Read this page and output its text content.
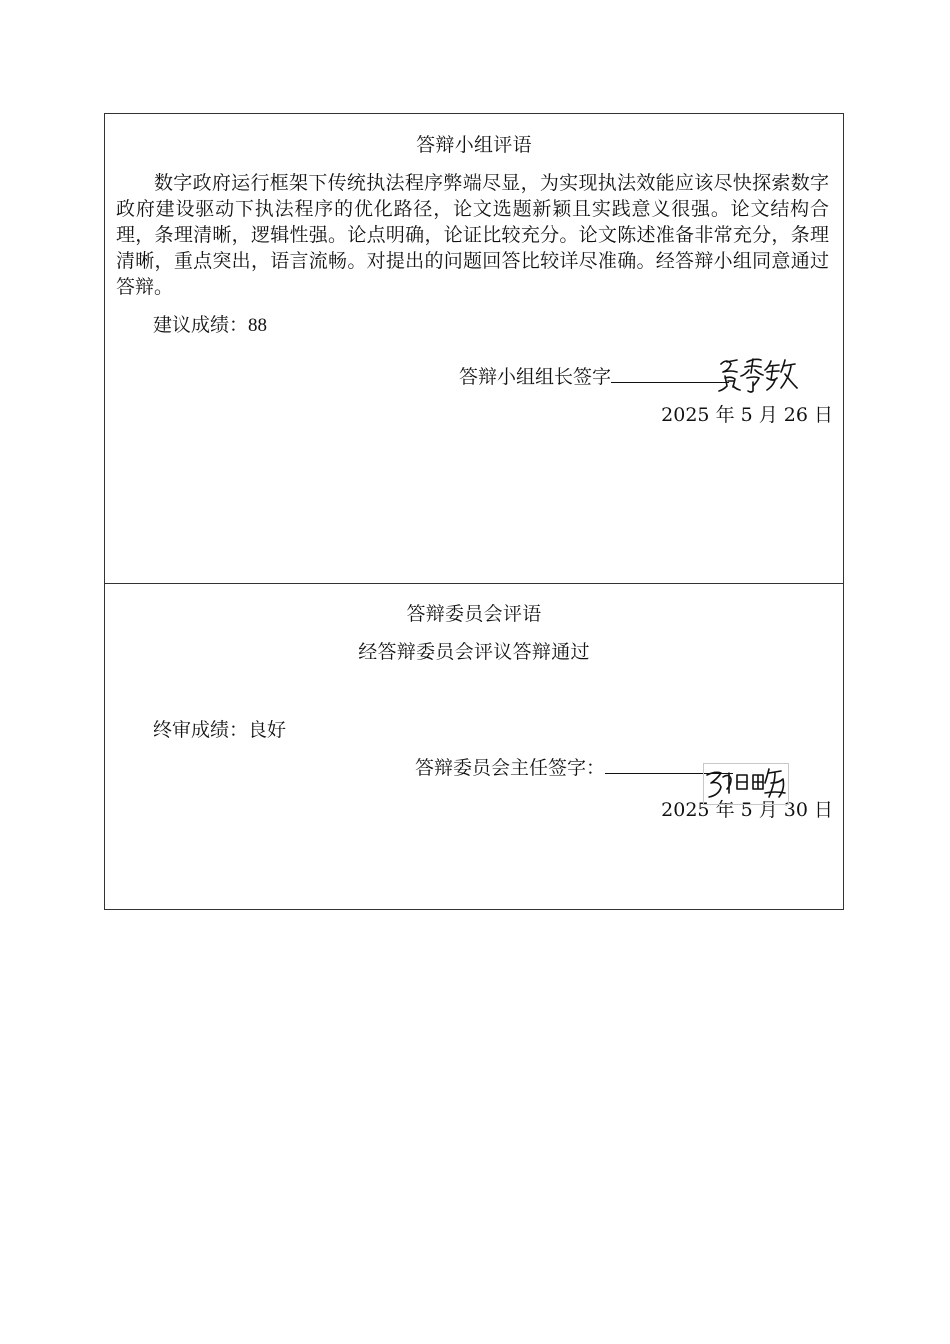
答辩小组评语
数字政府运行框架下传统执法程序弊端尽显，为实现执法效能应该尽快探索数字政府建设驱动下执法程序的优化路径，论文选题新颖且实践意义很强。论文结构合理，条理清晰，逻辑性强。论点明确，论证比较充分。论文陈述准备非常充分，条理清晰，重点突出，语言流畅。对提出的问题回答比较详尽准确。经答辩小组同意通过答辩。
建议成绩：88
答辩小组组长签字
2025 年 5 月 26 日
答辩委员会评语
经答辩委员会评议答辩通过
终审成绩：良好
答辩委员会主任签字：
2025 年 5 月 30 日
